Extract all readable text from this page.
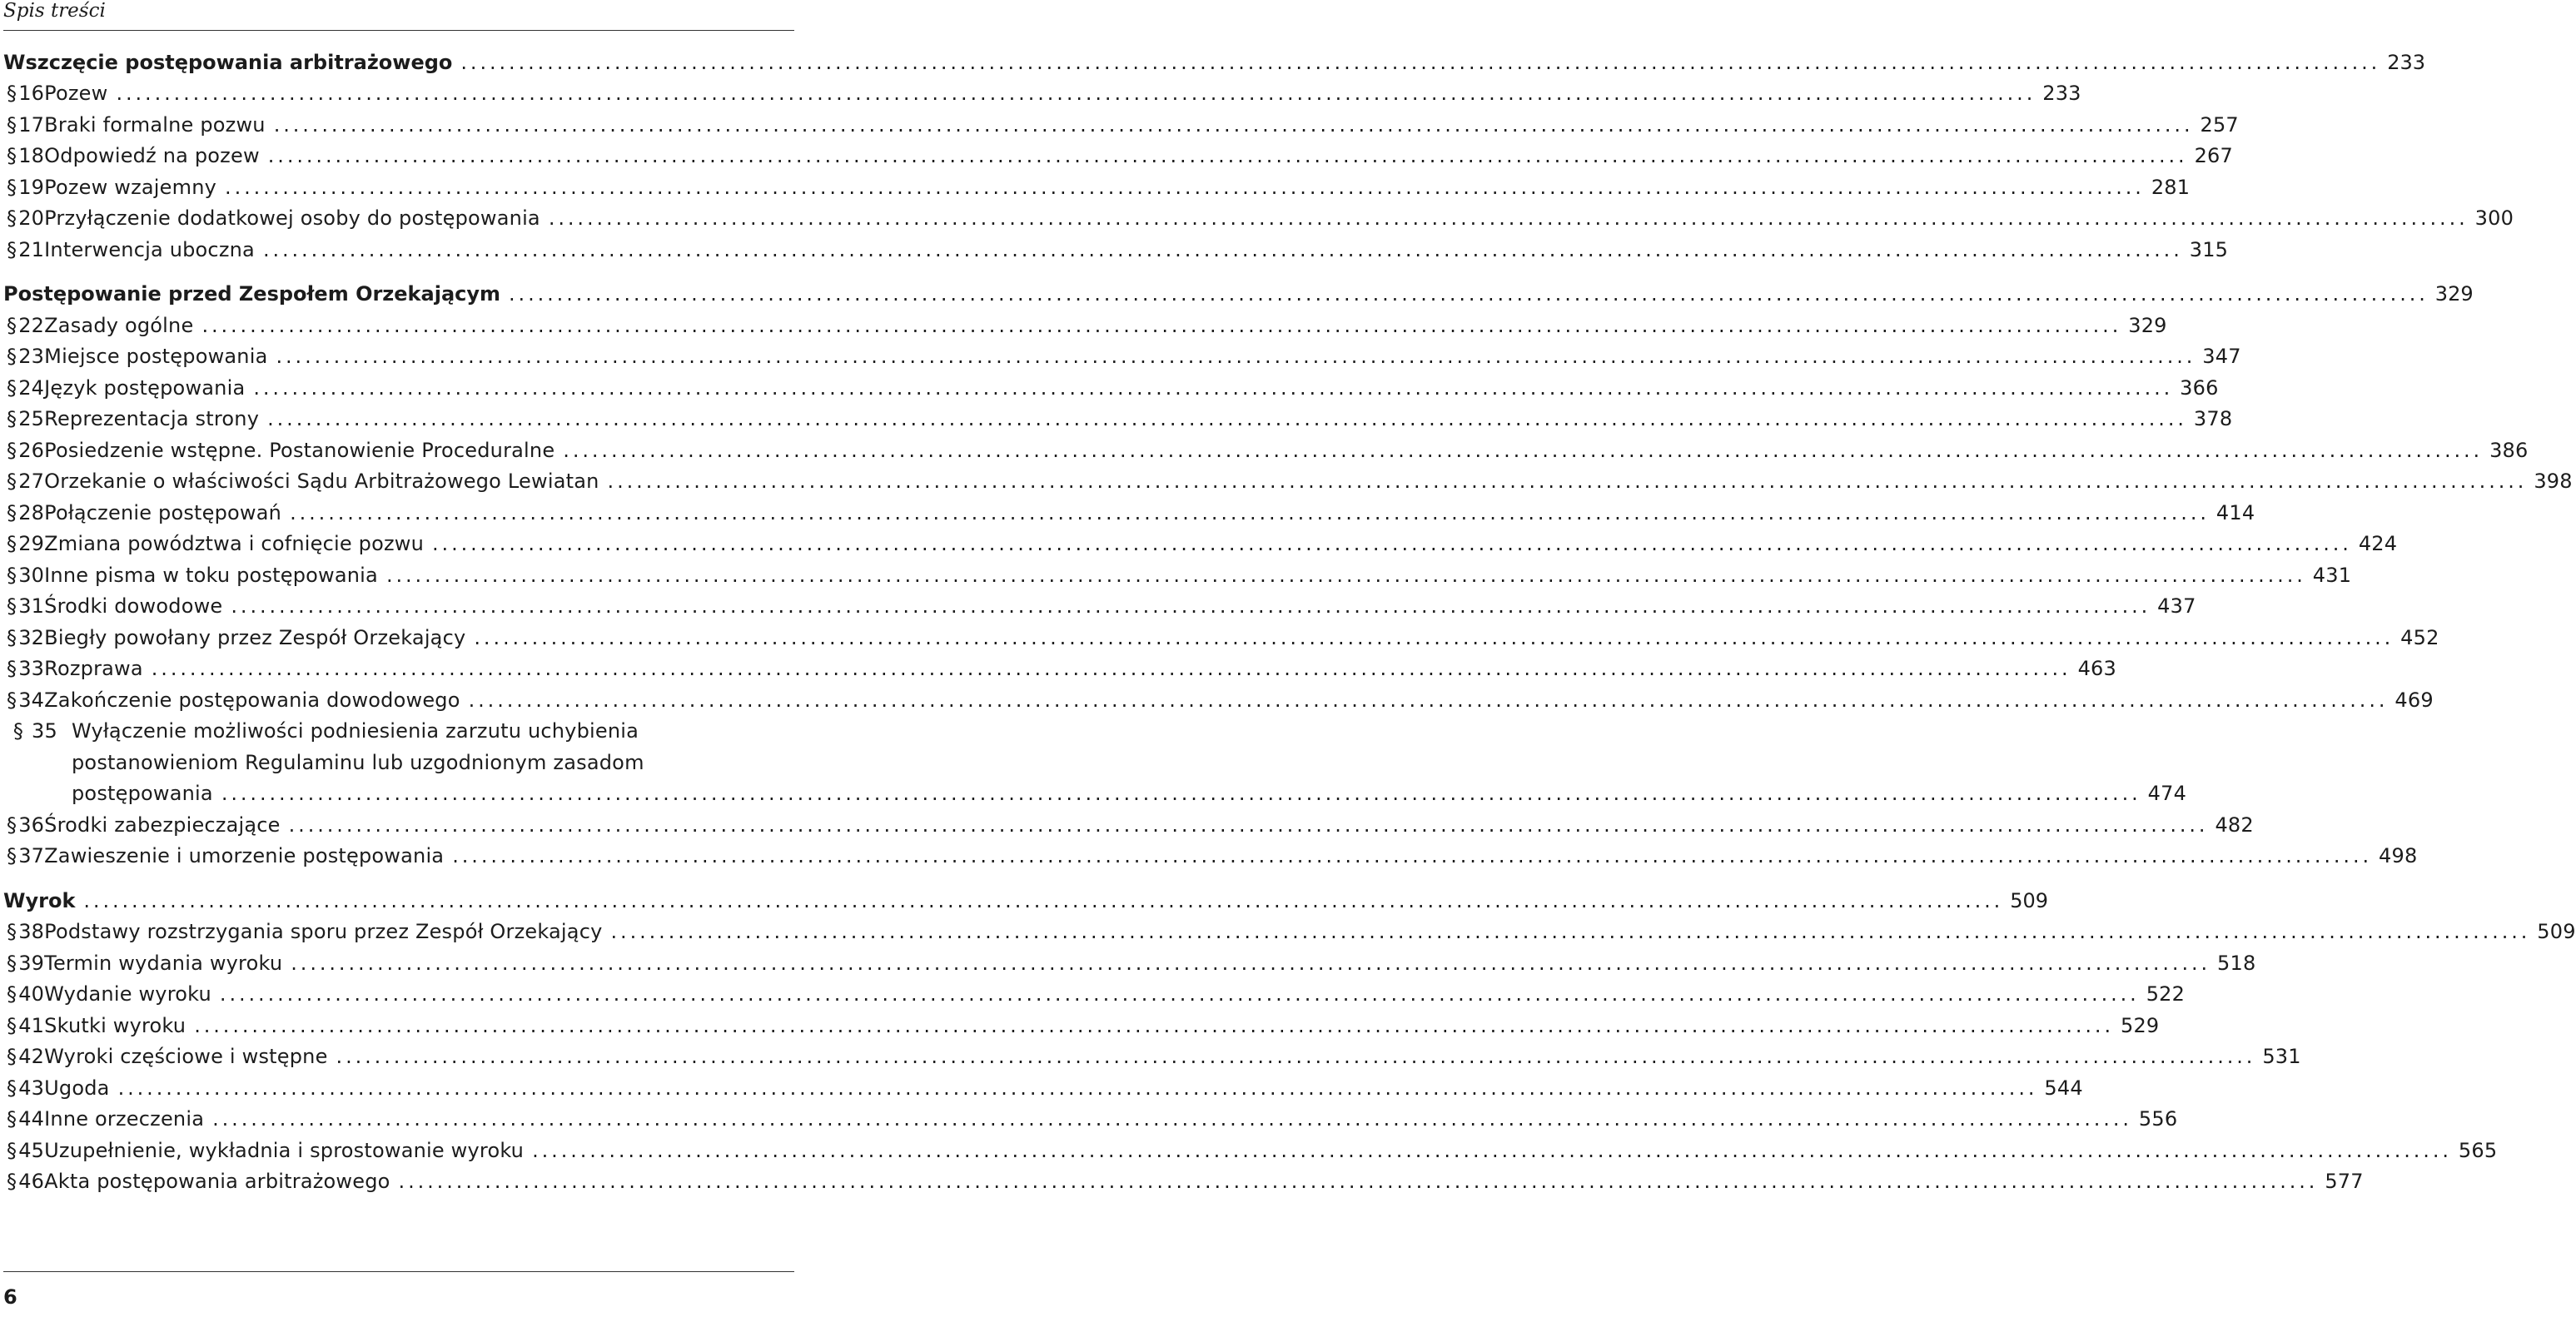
Spis treści
Wszczęcie postępowania arbitrażowego ........................................................................................................................................................................................................ 233
§ 16 Pozew ........................................................................................................................................................................................................ 233
§ 17 Braki formalne pozwu ........................................................................................................................................................................................................ 257
§ 18 Odpowiedź na pozew ........................................................................................................................................................................................................ 267
§ 19 Pozew wzajemny ........................................................................................................................................................................................................ 281
§ 20 Przyłączenie dodatkowej osoby do postępowania ........................................................................................................................................................................................................ 300
§ 21 Interwencja uboczna ........................................................................................................................................................................................................ 315
Postępowanie przed Zespołem Orzekającym ........................................................................................................................................................................................................ 329
§ 22 Zasady ogólne ........................................................................................................................................................................................................ 329
§ 23 Miejsce postępowania ........................................................................................................................................................................................................ 347
§ 24 Język postępowania ........................................................................................................................................................................................................ 366
§ 25 Reprezentacja strony ........................................................................................................................................................................................................ 378
§ 26 Posiedzenie wstępne. Postanowienie Proceduralne ........................................................................................................................................................................................................ 386
§ 27 Orzekanie o właściwości Sądu Arbitrażowego Lewiatan ........................................................................................................................................................................................................ 398
§ 28 Połączenie postępowań ........................................................................................................................................................................................................ 414
§ 29 Zmiana powództwa i cofnięcie pozwu ........................................................................................................................................................................................................ 424
§ 30 Inne pisma w toku postępowania ........................................................................................................................................................................................................ 431
§ 31 Środki dowodowe ........................................................................................................................................................................................................ 437
§ 32 Biegły powołany przez Zespół Orzekający ........................................................................................................................................................................................................ 452
§ 33 Rozprawa ........................................................................................................................................................................................................ 463
§ 34 Zakończenie postępowania dowodowego ........................................................................................................................................................................................................ 469
§ 35 Wyłączenie możliwości podniesienia zarzutu uchybienia
postanowieniom Regulaminu lub uzgodnionym zasadom
postępowania ........................................................................................................................................................................................................ 474
§ 36 Środki zabezpieczające ........................................................................................................................................................................................................ 482
§ 37 Zawieszenie i umorzenie postępowania ........................................................................................................................................................................................................ 498
Wyrok ........................................................................................................................................................................................................ 509
§ 38 Podstawy rozstrzygania sporu przez Zespół Orzekający ........................................................................................................................................................................................................ 509
§ 39 Termin wydania wyroku ........................................................................................................................................................................................................ 518
§ 40 Wydanie wyroku ........................................................................................................................................................................................................ 522
§ 41 Skutki wyroku ........................................................................................................................................................................................................ 529
§ 42 Wyroki częściowe i wstępne ........................................................................................................................................................................................................ 531
§ 43 Ugoda ........................................................................................................................................................................................................ 544
§ 44 Inne orzeczenia ........................................................................................................................................................................................................ 556
§ 45 Uzupełnienie, wykładnia i sprostowanie wyroku ........................................................................................................................................................................................................ 565
§ 46 Akta postępowania arbitrażowego ........................................................................................................................................................................................................ 577
6
